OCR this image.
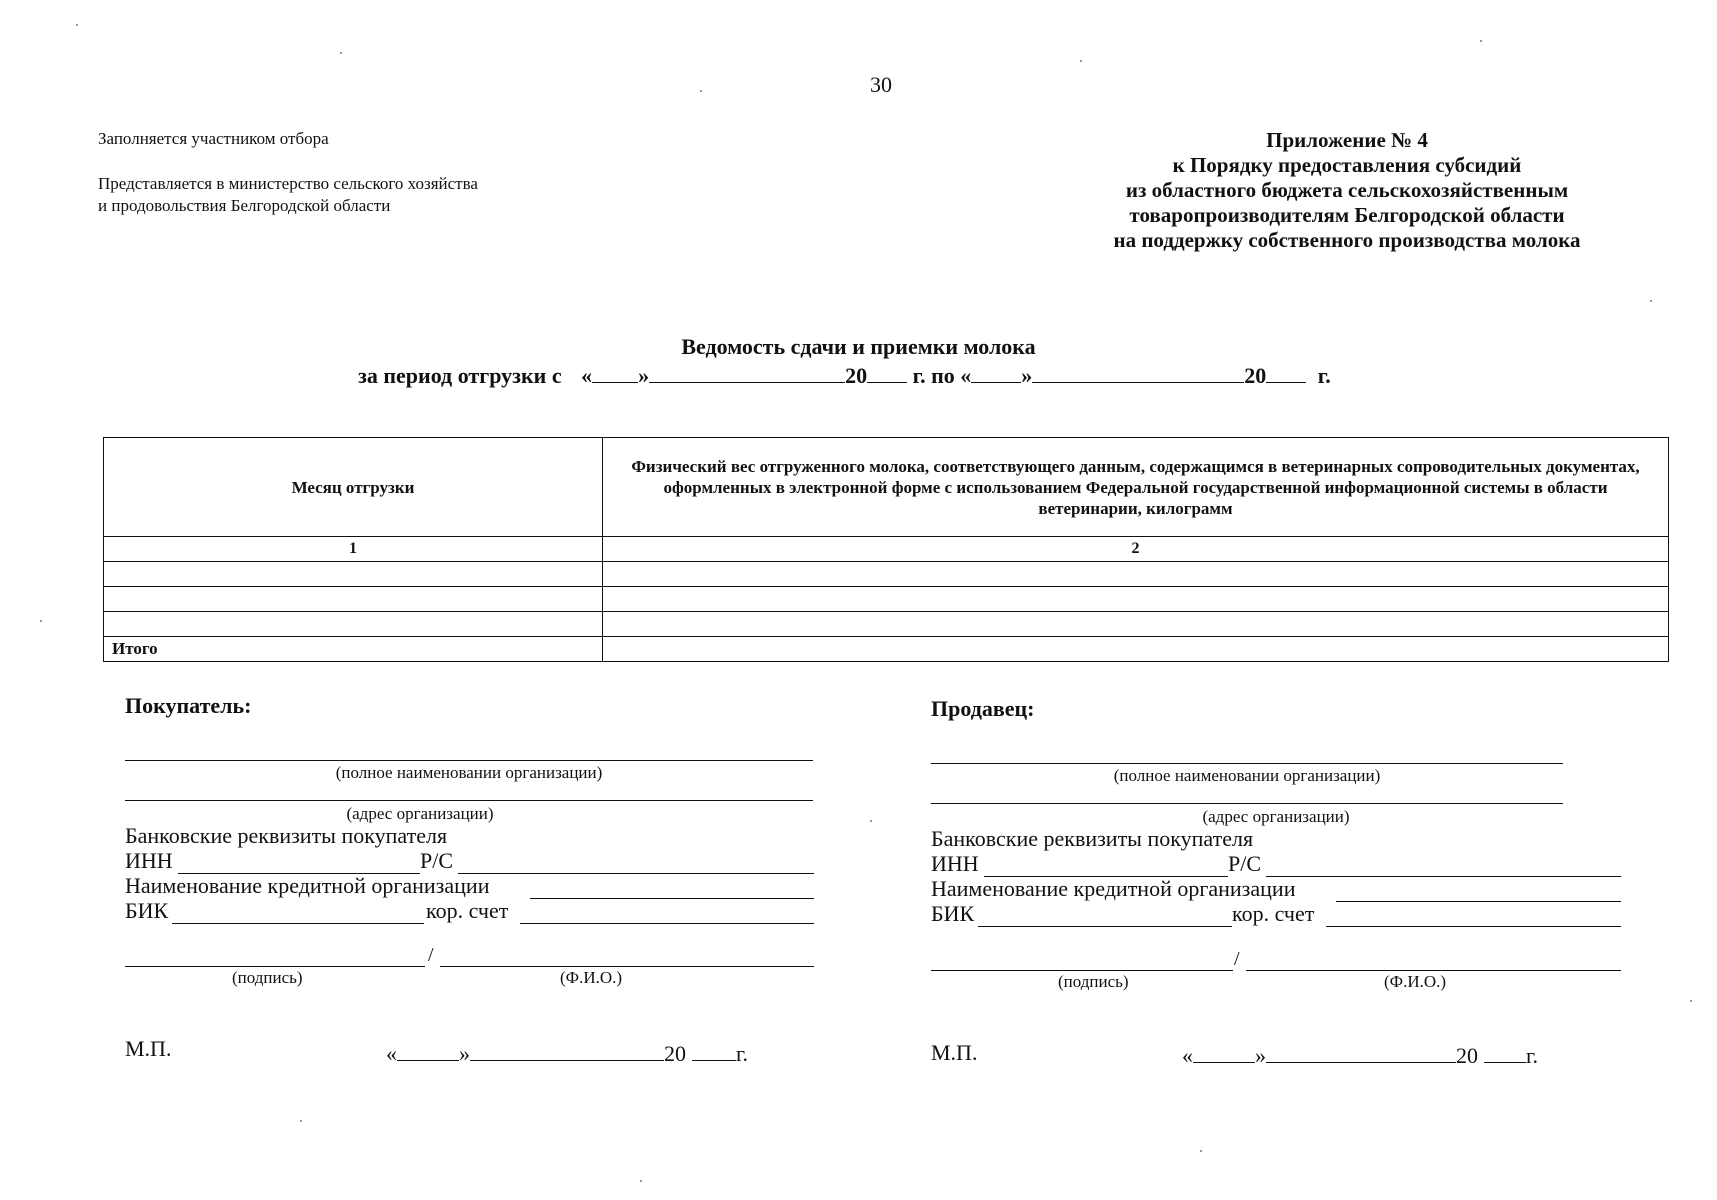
30
Заполняется участником отбора
Представляется в министерство сельского хозяйства
и продовольствия Белгородской области
Приложение № 4
к Порядку предоставления субсидий
из областного бюджета сельскохозяйственным
товаропроизводителям Белгородской области
на поддержку собственного производства молока
Ведомость сдачи и приемки молока
за период отгрузки с « »	20 г. по « »	20 г.
Месяц отгрузки	Физический вес отгруженного молока, соответствующего данным, содержащимся в ветеринарных сопроводительных документах, оформленных в электронной форме с использованием Федеральной государственной информационной системы в области ветеринарии, килограмм
1	2

Итого	
Покупатель:
(полное наименовании организации)
(адрес организации)
Банковские реквизиты покупателя
ИНН	Р/С
Наименование кредитной организации
БИК	кор. счет
/
(подпись)	(Ф.И.О.)
М.П.	«	»	20 г.
Продавец:
(полное наименовании организации)
(адрес организации)
Банковские реквизиты покупателя
ИНН	Р/С
Наименование кредитной организации
БИК	кор. счет
/
(подпись)	(Ф.И.О.)
М.П.	«	»	20 г.
